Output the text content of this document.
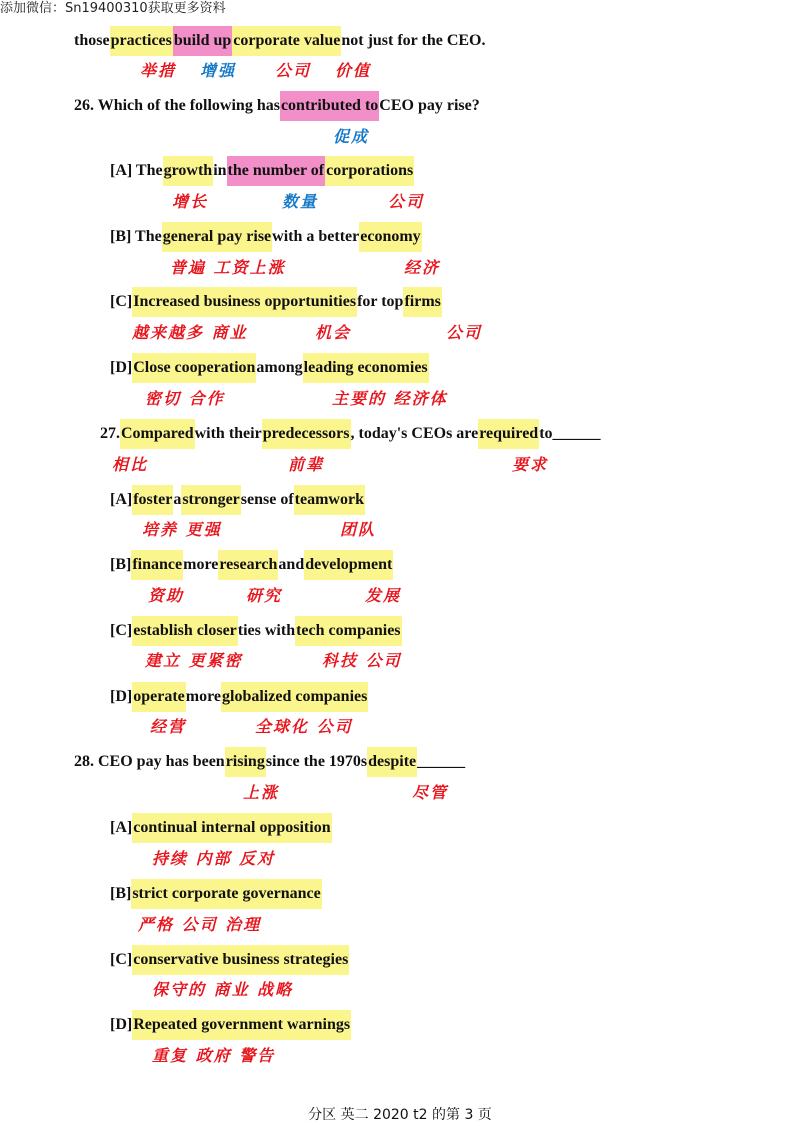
添加微信：Sn19400310获取更多资料
thosepractices build up corporate valuenot just for the CEO.
26. Which of the following hascontributed toCEO pay rise?
[A] Thegrowthinthe number of corporations
[B] Thegeneral pay risewith a bettereconomy
[C]Increased business opportunitiesfor topfirms
[D]Close cooperationamongleading economies
27.Comparedwith theirpredecessors, today's CEOs arerequiredto______
[A]fosterastrongersense ofteamwork
[B]financemoreresearchanddevelopment
[C]establish closerties withtech companies
[D]operatemoreglobalized companies
28. CEO pay has beenrisingsince the 1970sdespite______
[A]continual internal opposition
[B]strict corporate governance
[C]conservative business strategies
[D]Repeated government warnings
举措 增强 公司 价值
促成
增长	数量	公司
普遍 工资上涨	经济
越来越多 商业	机会	公司
密切 合作	主要的 经济体
相比	前辈	要求
培养 更强	团队
资助	研究	发展
建立 更紧密	科技 公司
经营	全球化 公司
上涨	尽管
持续 内部 反对
严格 公司 治理
保守的 商业 战略
重复 政府 警告
分区 英二 2020 t2 的第 3 页
